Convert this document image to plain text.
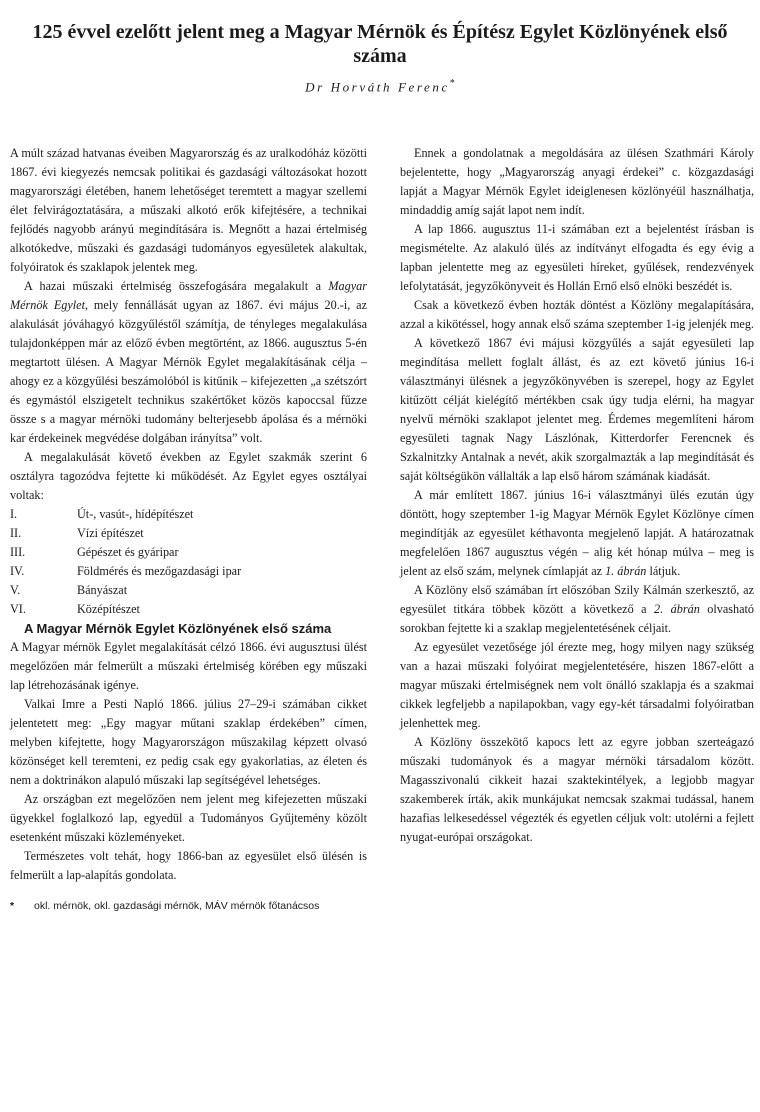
125 évvel ezelőtt jelent meg a Magyar Mérnök és Építész Egylet Közlönyének első száma
Dr Horváth Ferenc*

A múlt század hatvanas éveiben Magyarország és az uralkodóház közötti 1867. évi kiegyezés nemcsak politikai és gazdasági változásokat hozott magyarországi életében, hanem lehetőséget teremtett a magyar szellemi élet felvirágoztatására, a műszaki alkotó erők kifejtésére, a technikai fejlődés nagyobb arányú megindítására is. Megnőtt a hazai értelmiség alkotókedve, műszaki és gazdasági tudományos egyesületek alakultak, folyóiratok és szaklapok jelentek meg.

A hazai műszaki értelmiség összefogására megalakult a Magyar Mérnök Egylet, mely fennállását ugyan az 1867. évi május 20.-i, az alakulását jóváhagyó közgyűléstől számítja, de tényleges megalakulása tulajdonképpen már az előző évben megtörtént, az 1866. augusztus 5-én megtartott ülésen. A Magyar Mérnök Egylet megalakításának célja – ahogy ez a közgyűlési beszámolóból is kitűnik – kifejezetten „a szétszórt és egymástól elszigetelt technikus szakértőket közös kapoccsal fűzze össze s a magyar mérnöki tudomány belterjesebb ápolása és a mérnöki kar érdekeinek megvédése dolgában irányítsa” volt.

A megalakulását követő években az Egylet szakmák szerint 6 osztályra tagozódva fejtette ki működését. Az Egylet egyes osztályai voltak:

I.	Út-, vasút-, hídépítészet
II.	Vízi építészet
III.	Gépészet és gyáripar
IV.	Földmérés és mezőgazdasági ipar
V.	Bányászat
VI.	Középítészet

A Magyar Mérnök Egylet Közlönyének első száma

A Magyar mérnök Egylet megalakítását célzó 1866. évi augusztusi ülést megelőzően már felmerült a műszaki értelmiség körében egy műszaki lap létrehozásának igénye.

Valkai Imre a Pesti Napló 1866. július 27–29-i számában cikket jelentetett meg: „Egy magyar műtani szaklap érdekében” címen, melyben kifejtette, hogy Magyarországon műszakilag képzett olvasó közönséget kell teremteni, ez pedig csak egy gyakorlatias, az életen és nem a doktrinákon alapuló műszaki lap segítségével lehetséges.

Az országban ezt megelőzően nem jelent meg kifejezetten műszaki ügyekkel foglalkozó lap, egyedül a Tudományos Gyűjtemény közölt esetenként műszaki közleményeket.

Természetes volt tehát, hogy 1866-ban az egyesület első ülésén is felmerült a lap-alapítás gondolata.

*	okl. mérnök, okl. gazdasági mérnök, MÁV mérnök főtanácsos

Ennek a gondolatnak a megoldására az ülésen Szathmári Károly bejelentette, hogy „Magyarország anyagi érdekei” c. közgazdasági lapját a Magyar Mérnök Egylet ideiglenesen közlönyéül használhatja, mindaddig amíg saját lapot nem indít.

A lap 1866. augusztus 11-i számában ezt a bejelentést írásban is megismételte. Az alakuló ülés az indítványt elfogadta és egy évig a lapban jelentette meg az egyesületi híreket, gyűlések, rendezvények lefolytatását, jegyzőkönyveit és Hollán Ernő első elnöki beszédét is.

Csak a következő évben hozták döntést a Közlöny megalapítására, azzal a kikötéssel, hogy annak első száma szeptember 1-ig jelenjék meg.

A következő 1867 évi májusi közgyűlés a saját egyesületi lap megindítása mellett foglalt állást, és az ezt követő június 16-i választmányi ülésnek a jegyzőkönyvében is szerepel, hogy az Egylet kitűzött célját kielégítő mértékben csak úgy tudja elérni, ha magyar nyelvű mérnöki szaklapot jelentet meg. Érdemes megemlíteni három egyesületi tagnak Nagy Lászlónak, Kitterdorfer Ferencnek és Szkalnitzky Antalnak a nevét, akik szorgalmazták a lap megindítását és saját költségükön vállalták a lap első három számának kiadását.

A már említett 1867. június 16-i választmányi ülés ezután úgy döntött, hogy szeptember 1-ig Magyar Mérnök Egylet Közlönye címen megindítják az egyesület kéthavonta megjelenő lapját. A határozatnak megfelelően 1867 augusztus végén – alig két hónap múlva – meg is jelent az első szám, melynek címlapját az 1. ábrán látjuk.

A Közlöny első számában írt előszóban Szily Kálmán szerkesztő, az egyesület titkára többek között a következő a 2. ábrán olvasható sorokban fejtette ki a szaklap megjelentetésének céljait.

Az egyesület vezetősége jól érezte meg, hogy milyen nagy szükség van a hazai műszaki folyóirat megjelentetésére, hiszen 1867-előtt a magyar műszaki értelmiségnek nem volt önálló szaklapja és a szakmai cikkek legfeljebb a napilapokban, vagy egy-két társadalmi folyóiratban jelenhettek meg.

A Közlöny összekötő kapocs lett az egyre jobban szerteágazó műszaki tudományok és a magyar mérnöki társadalom között. Magasszivonalú cikkeit hazai szaktekintélyek, a legjobb magyar szakemberek írták, akik munkájukat nemcsak szakmai tudással, hanem hazafias lelkesedéssel végezték és egyetlen céljuk volt: utolérni a fejlett nyugat-európai országokat.
